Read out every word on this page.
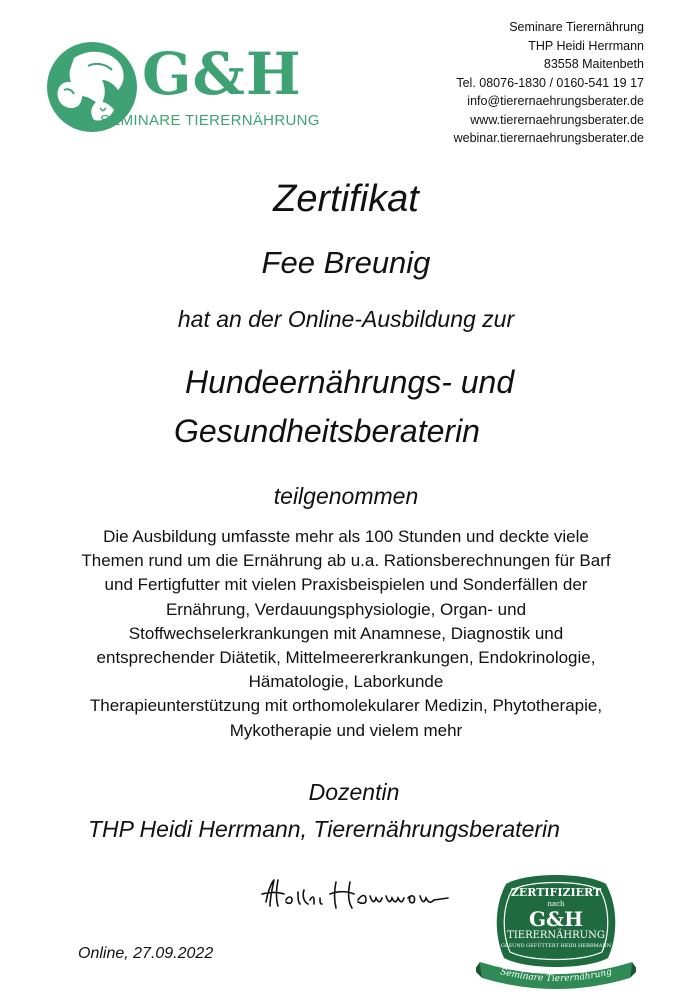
G&H
SEMINARE TIERERNÄHRUNG
Seminare Tierernährung
THP Heidi Herrmann
83558 Maitenbeth
Tel. 08076-1830 / 0160-541 19 17
info@tierernaehrungsberater.de
www.tierernaehrungsberater.de
webinar.tierernaehrungsberater.de
Zertifikat
Fee Breunig
hat an der Online-Ausbildung zur
Hundeernährungs- und
Gesundheitsberaterin
teilgenommen
Die Ausbildung umfasste mehr als 100 Stunden und deckte viele
Themen rund um die Ernährung ab u.a. Rationsberechnungen für Barf
und Fertigfutter mit vielen Praxisbeispielen und Sonderfällen der
Ernährung, Verdauungsphysiologie, Organ- und
Stoffwechselerkrankungen mit Anamnese, Diagnostik und
entsprechender Diätetik, Mittelmeererkrankungen, Endokrinologie,
Hämatologie, Laborkunde
Therapieunterstützung mit orthomolekularer Medizin, Phytotherapie,
Mykotherapie und vielem mehr
Dozentin
THP Heidi Herrmann, Tierernährungsberaterin
Online, 27.09.2022
ZERTIFIZIERT
nach
G&H
TIERERNÄHRUNG
GESUND GEFÜTTERT HEIDI HERRMANN
Seminare Tierernährung
